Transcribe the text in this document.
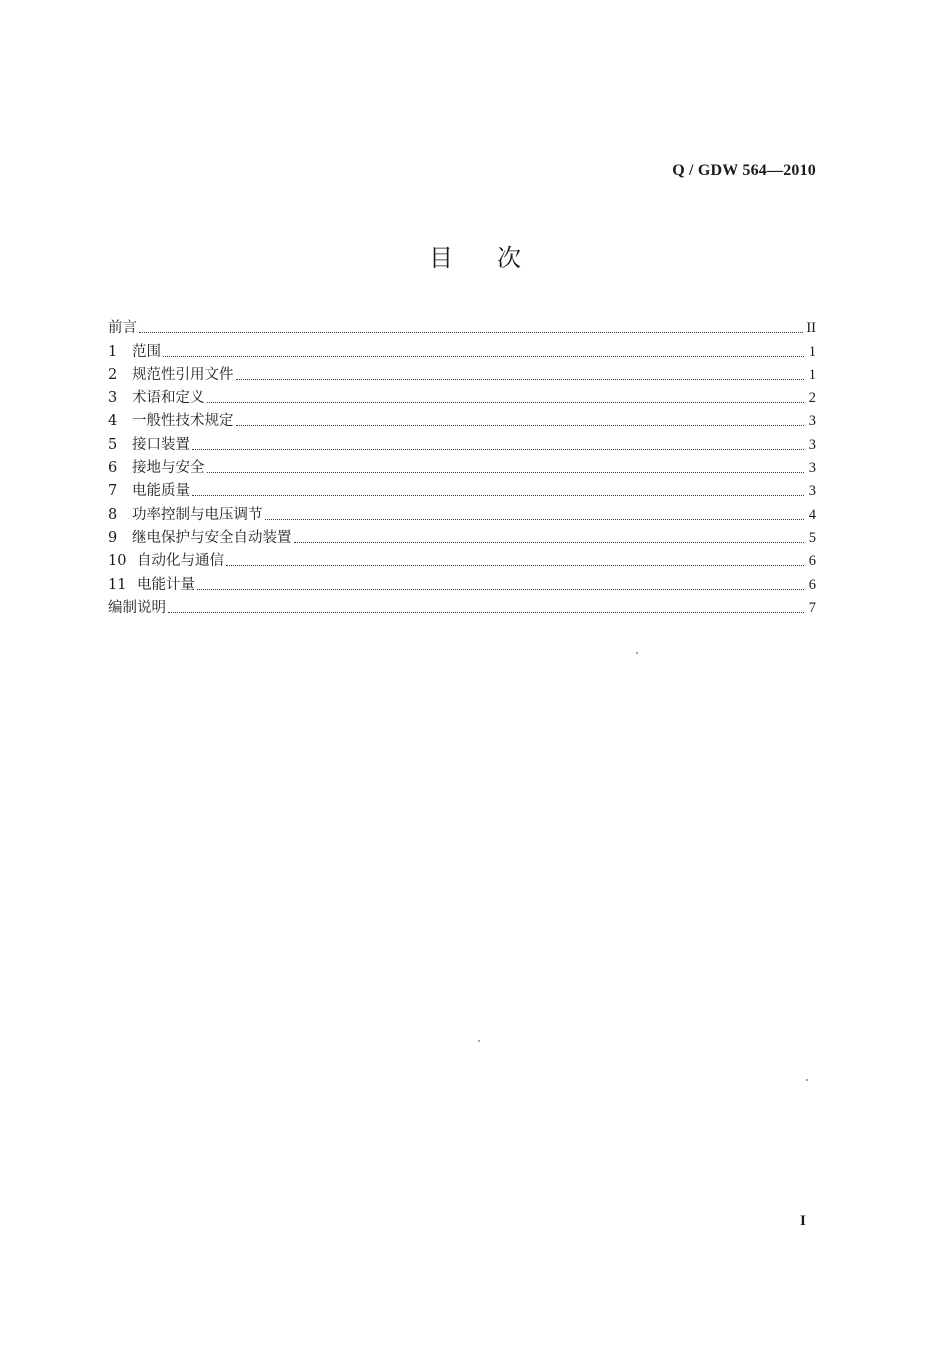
Q / GDW 564—2010
目次
前言	II
1	范围	1
2	规范性引用文件	1
3	术语和定义	2
4	一般性技术规定	3
5	接口装置	3
6	接地与安全	3
7	电能质量	3
8	功率控制与电压调节	4
9	继电保护与安全自动装置	5
10 自动化与通信	6
11 电能计量	6
编制说明	7
I
